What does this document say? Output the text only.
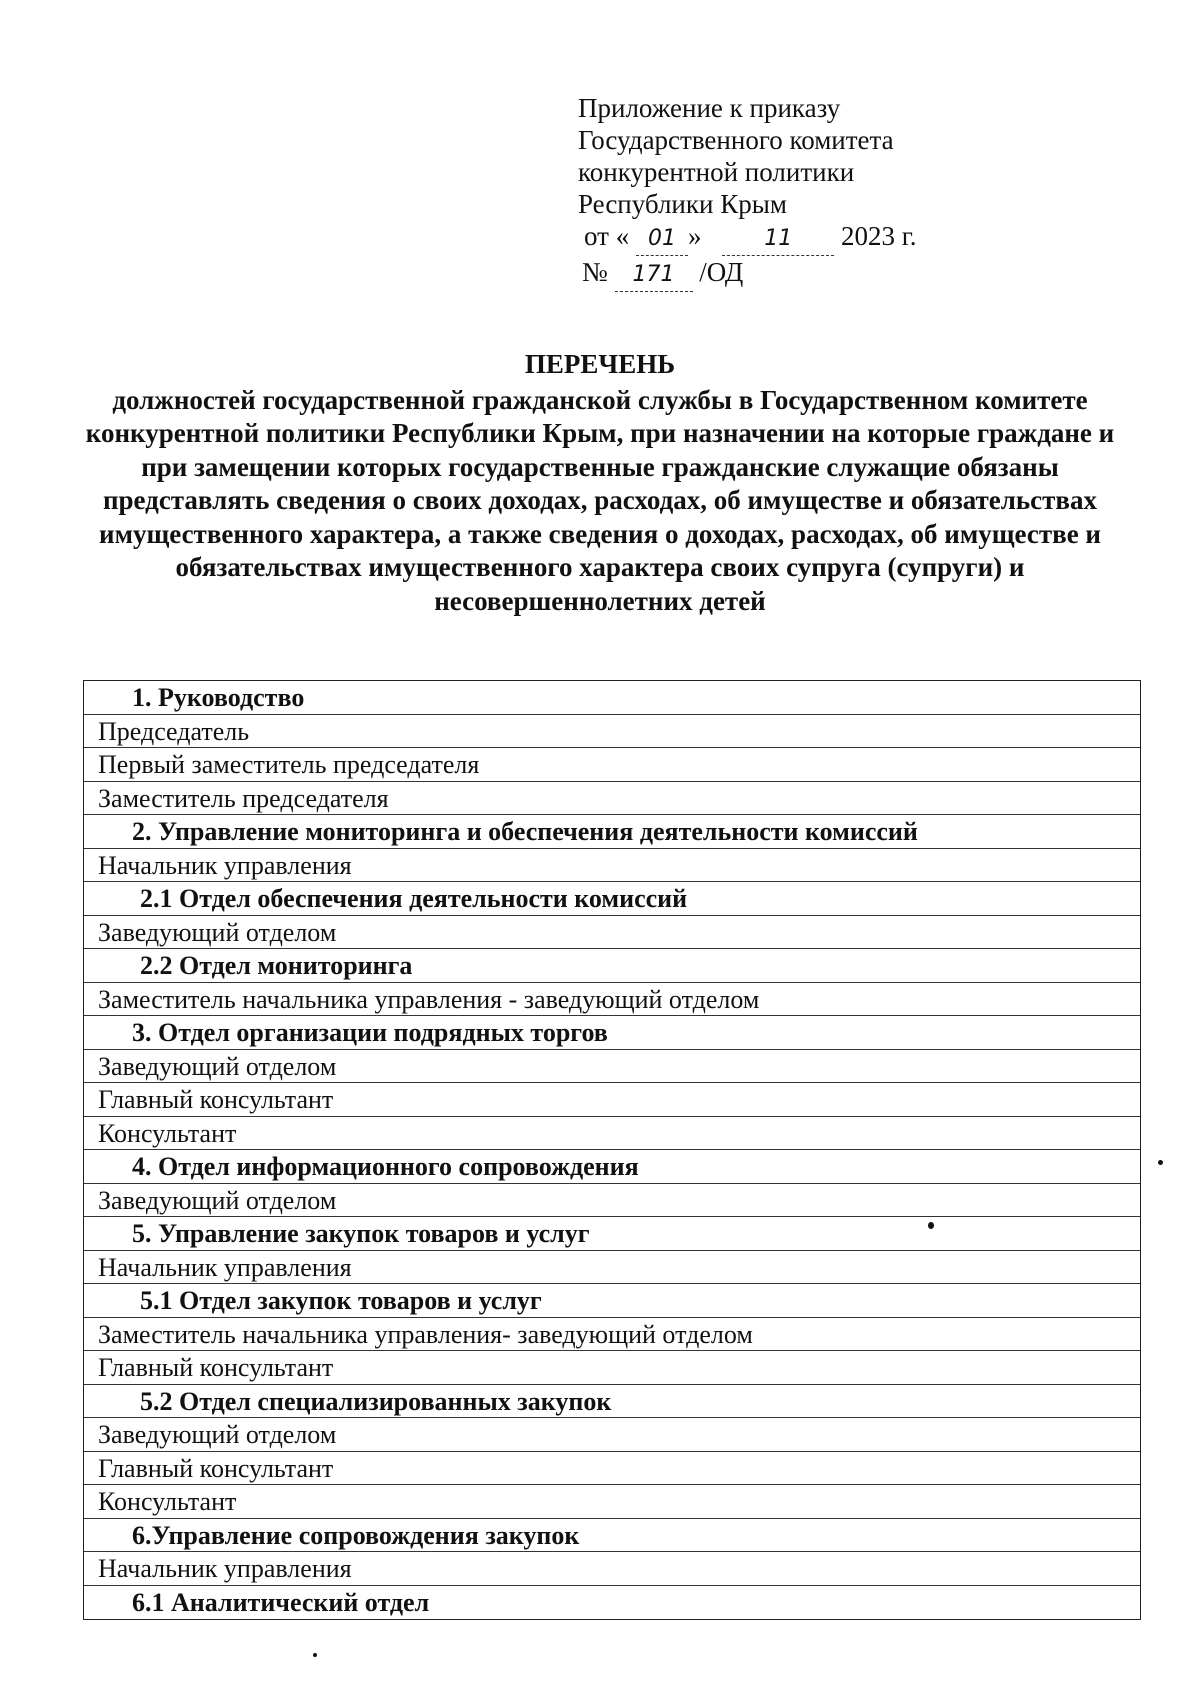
Приложение к приказу
Государственного комитета
конкурентной политики
Республики Крым
от « 01 »	11 2023 г.
№ 171 /ОД
ПЕРЕЧЕНЬ
должностей государственной гражданской службы в Государственном комитете конкурентной политики Республики Крым, при назначении на которые граждане и при замещении которых государственные гражданские служащие обязаны представлять сведения о своих доходах, расходах, об имуществе и обязательствах имущественного характера, а также сведения о доходах, расходах, об имуществе и обязательствах имущественного характера своих супруга (супруги) и несовершеннолетних детей
1. Руководство
Председатель
Первый заместитель председателя
Заместитель председателя
2. Управление мониторинга и обеспечения деятельности комиссий
Начальник управления
2.1 Отдел обеспечения деятельности комиссий
Заведующий отделом
2.2 Отдел мониторинга
Заместитель начальника управления - заведующий отделом
3. Отдел организации подрядных торгов
Заведующий отделом
Главный консультант
Консультант
4. Отдел информационного сопровождения
Заведующий отделом
5. Управление закупок товаров и услуг
Начальник управления
5.1 Отдел закупок товаров и услуг
Заместитель начальника управления- заведующий отделом
Главный консультант
5.2 Отдел специализированных закупок
Заведующий отделом
Главный консультант
Консультант
6.Управление сопровождения закупок
Начальник управления
6.1 Аналитический отдел
